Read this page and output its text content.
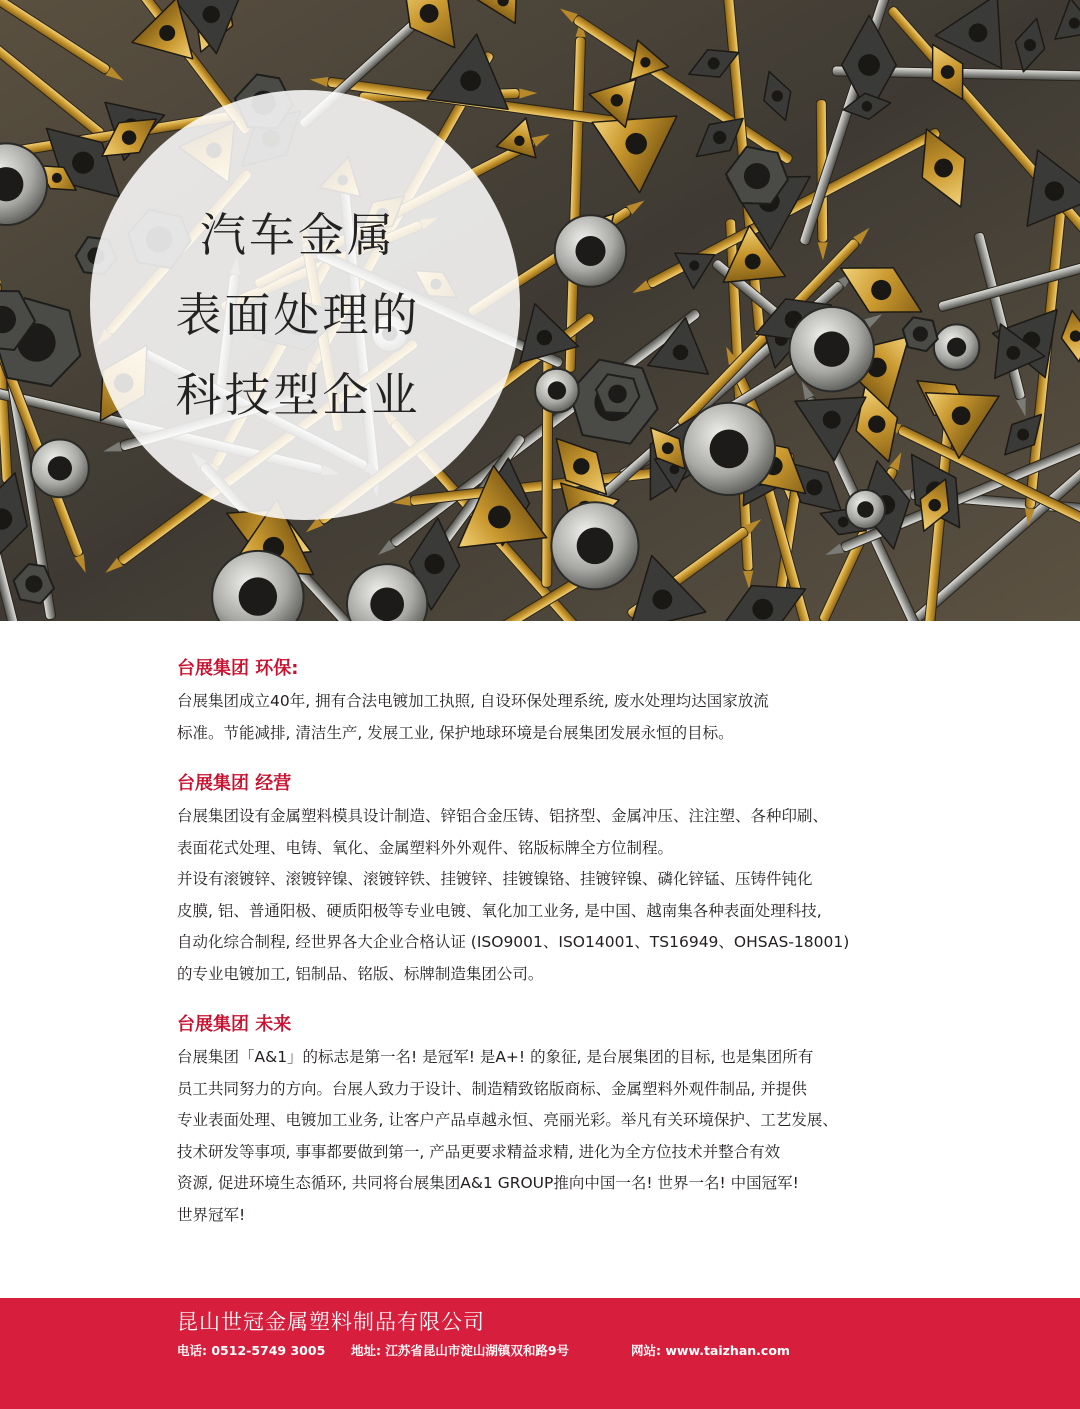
汽车金属
表面处理的
科技型企业
台展集团 环保:

台展集团成立40年, 拥有合法电镀加工执照, 自设环保处理系统, 废水处理均达国家放流
标准。节能减排, 清洁生产, 发展工业, 保护地球环境是台展集团发展永恒的目标。

台展集团 经营

台展集团设有金属塑料模具设计制造、锌铝合金压铸、铝挤型、金属冲压、注注塑、各种印刷、
表面花式处理、电铸、氧化、金属塑料外外观件、铭版标牌全方位制程。

并设有滚镀锌、滚镀锌镍、滚镀锌铁、挂镀锌、挂镀镍铬、挂镀锌镍、磷化锌锰、压铸件钝化
皮膜, 铝、普通阳极、硬质阳极等专业电镀、氧化加工业务, 是中国、越南集各种表面处理科技,
自动化综合制程, 经世界各大企业合格认证 (ISO9001、ISO14001、TS16949、OHSAS-18001)
的专业电镀加工, 铝制品、铭版、标牌制造集团公司。

台展集团 未来

台展集团「A&1」的标志是第一名! 是冠军! 是A+! 的象征, 是台展集团的目标, 也是集团所有
员工共同努力的方向。台展人致力于设计、制造精致铭版商标、金属塑料外观件制品, 并提供
专业表面处理、电镀加工业务, 让客户产品卓越永恒、亮丽光彩。举凡有关环境保护、工艺发展、
技术研发等事项, 事事都要做到第一, 产品更要求精益求精, 进化为全方位技术并整合有效
资源, 促进环境生态循环, 共同将台展集团A&1 GROUP推向中国一名! 世界一名! 中国冠军!
世界冠军!

昆山世冠金属塑料制品有限公司
电话:
0512-5749 3005 地址:
江苏省昆山市淀山湖镇双和路9号	网站:
www.taizhan.com
